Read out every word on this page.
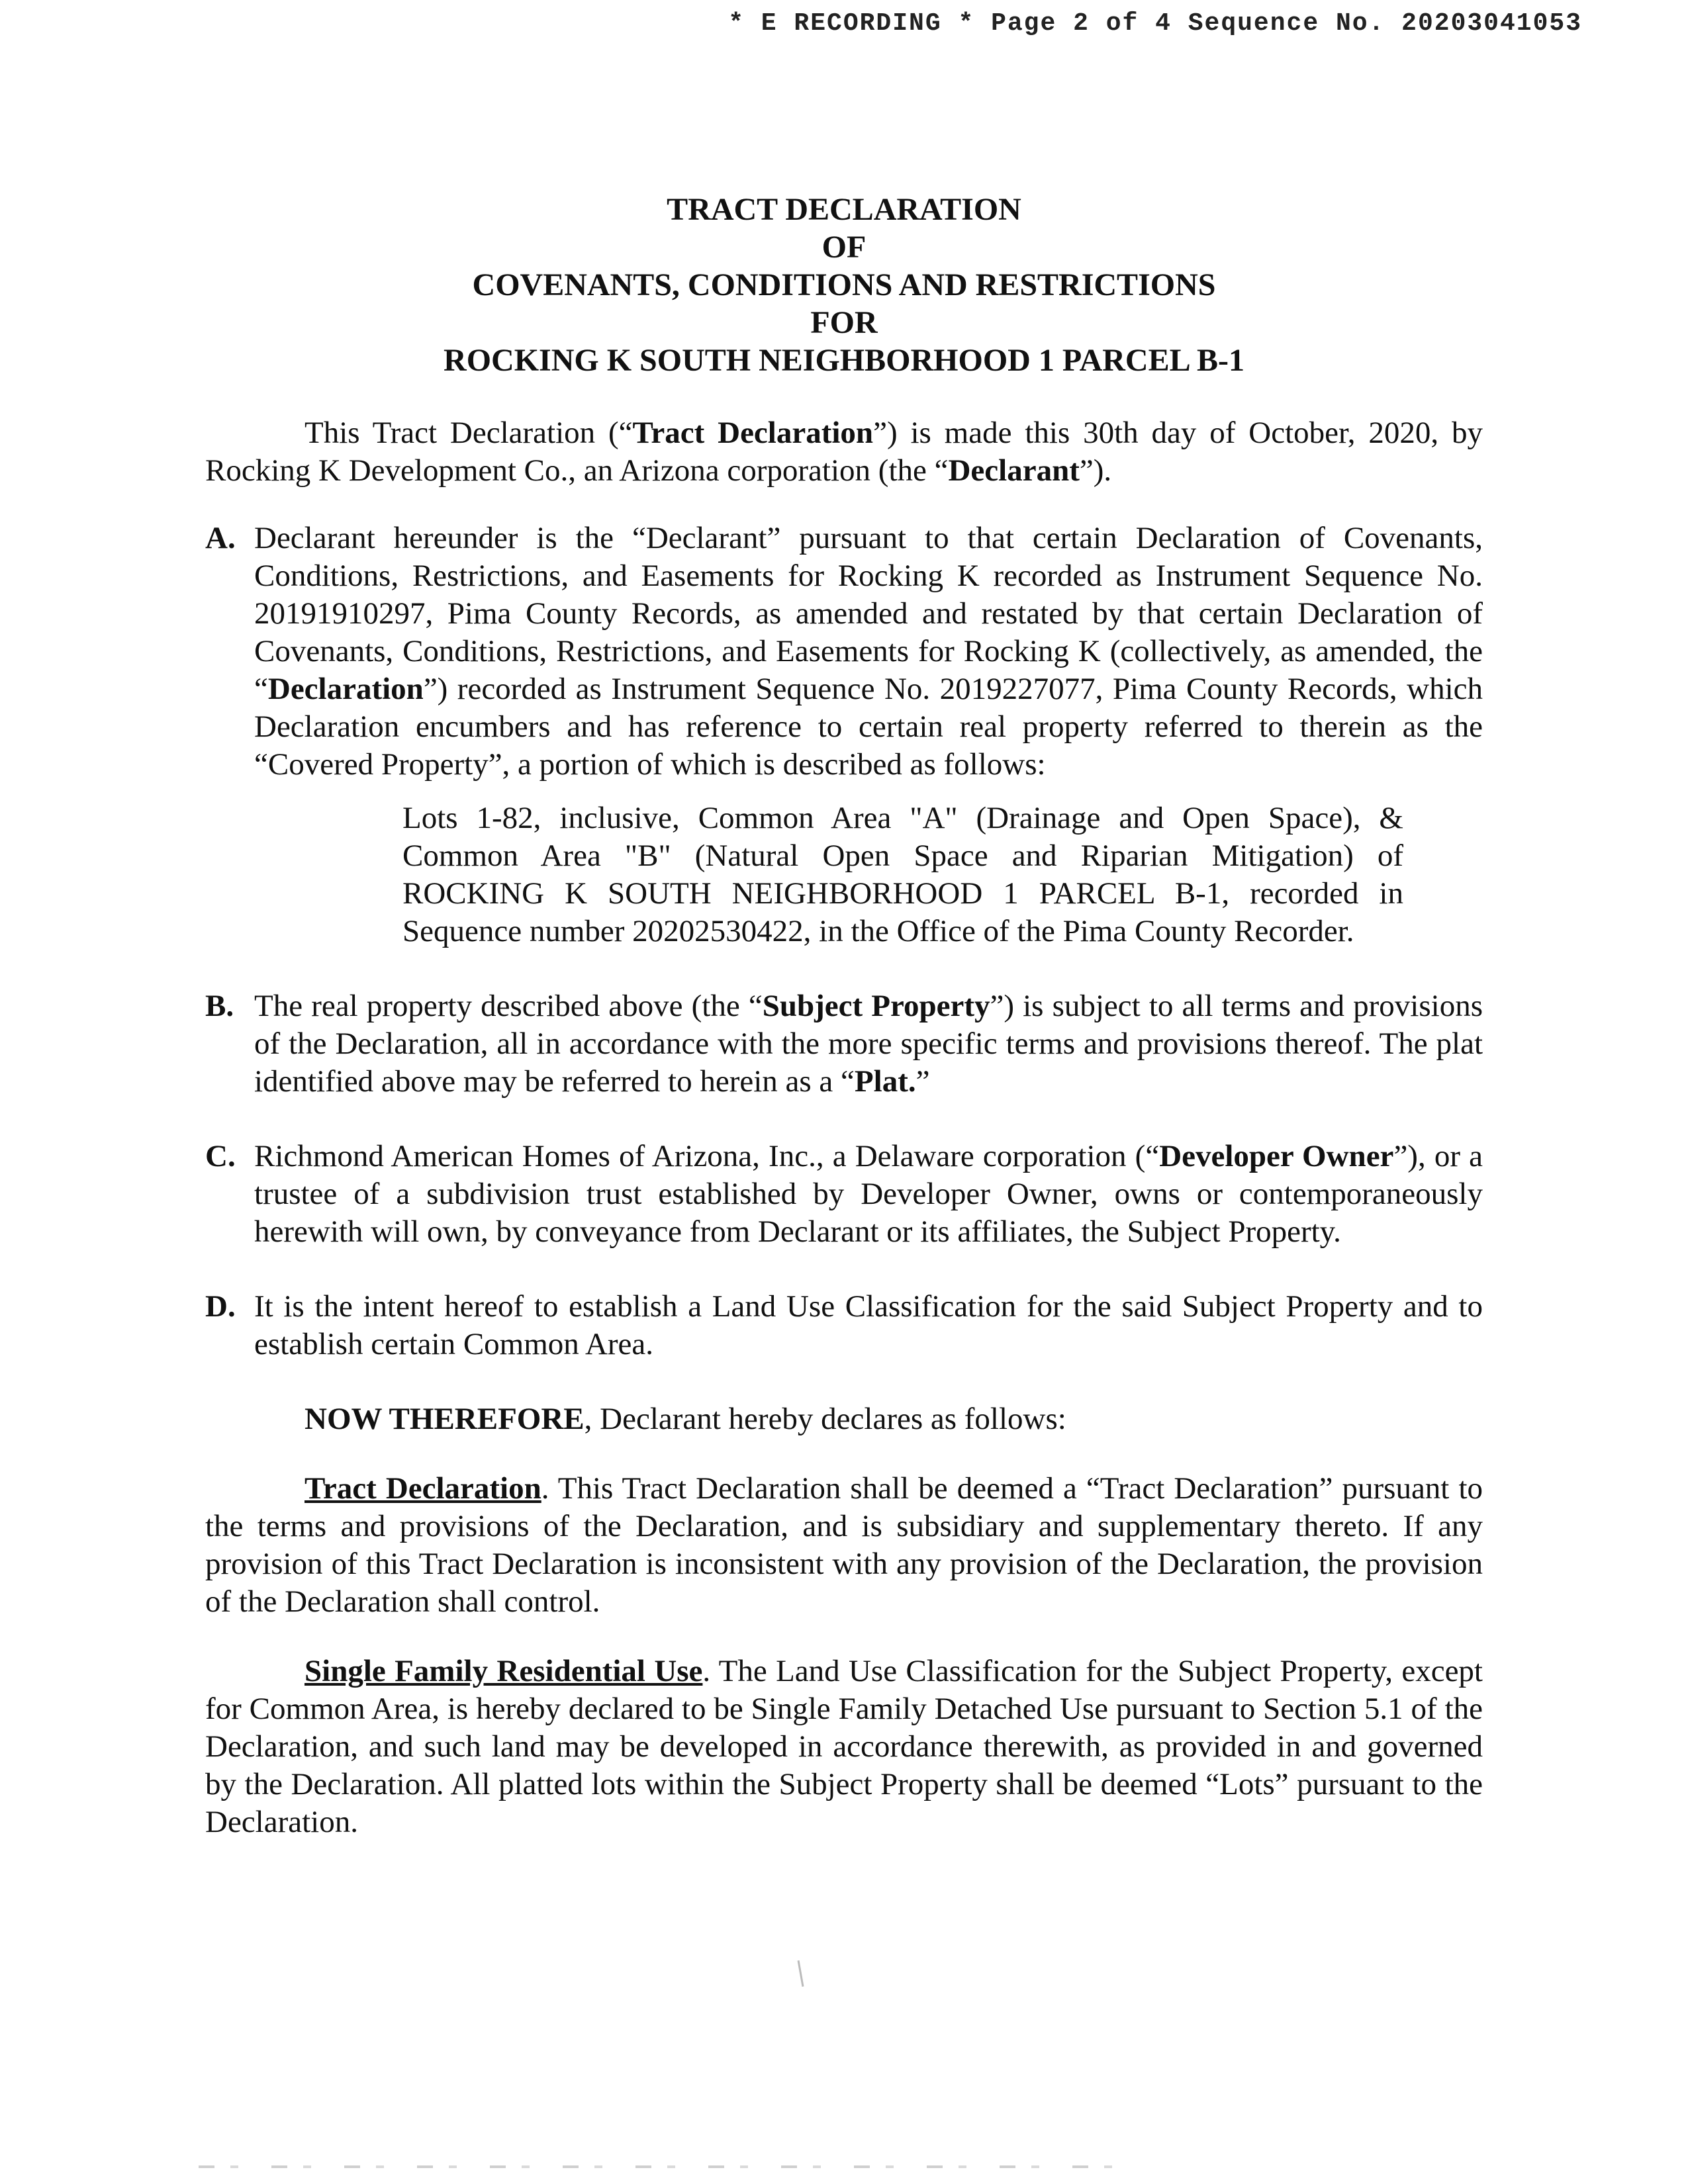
* E RECORDING * Page 2 of 4 Sequence No. 20203041053

TRACT DECLARATION

OF

COVENANTS, CONDITIONS AND RESTRICTIONS

FOR

ROCKING K SOUTH NEIGHBORHOOD 1 PARCEL B-1

This Tract Declaration (“Tract Declaration”) is made this 30th day of October, 2020, by Rocking K Development Co., an Arizona corporation (the “Declarant”).

A. Declarant hereunder is the “Declarant” pursuant to that certain Declaration of Covenants, Conditions, Restrictions, and Easements for Rocking K recorded as Instrument Sequence No. 20191910297, Pima County Records, as amended and restated by that certain Declaration of Covenants, Conditions, Restrictions, and Easements for Rocking K (collectively, as amended, the “Declaration”) recorded as Instrument Sequence No. 2019227077, Pima County Records, which Declaration encumbers and has reference to certain real property referred to therein as the “Covered Property”, a portion of which is described as follows:

Lots 1-82, inclusive, Common Area "A" (Drainage and Open Space), & Common Area "B" (Natural Open Space and Riparian Mitigation) of ROCKING K SOUTH NEIGHBORHOOD 1 PARCEL B-1, recorded in Sequence number 20202530422, in the Office of the Pima County Recorder.

B. The real property described above (the “Subject Property”) is subject to all terms and provisions of the Declaration, all in accordance with the more specific terms and provisions thereof. The plat identified above may be referred to herein as a “Plat.”

C. Richmond American Homes of Arizona, Inc., a Delaware corporation (“Developer Owner”), or a trustee of a subdivision trust established by Developer Owner, owns or contemporaneously herewith will own, by conveyance from Declarant or its affiliates, the Subject Property.

D. It is the intent hereof to establish a Land Use Classification for the said Subject Property and to establish certain Common Area.

NOW THEREFORE, Declarant hereby declares as follows:

Tract Declaration. This Tract Declaration shall be deemed a “Tract Declaration” pursuant to the terms and provisions of the Declaration, and is subsidiary and supplementary thereto. If any provision of this Tract Declaration is inconsistent with any provision of the Declaration, the provision of the Declaration shall control.

Single Family Residential Use. The Land Use Classification for the Subject Property, except for Common Area, is hereby declared to be Single Family Detached Use pursuant to Section 5.1 of the Declaration, and such land may be developed in accordance therewith, as provided in and governed by the Declaration. All platted lots within the Subject Property shall be deemed “Lots” pursuant to the Declaration.
